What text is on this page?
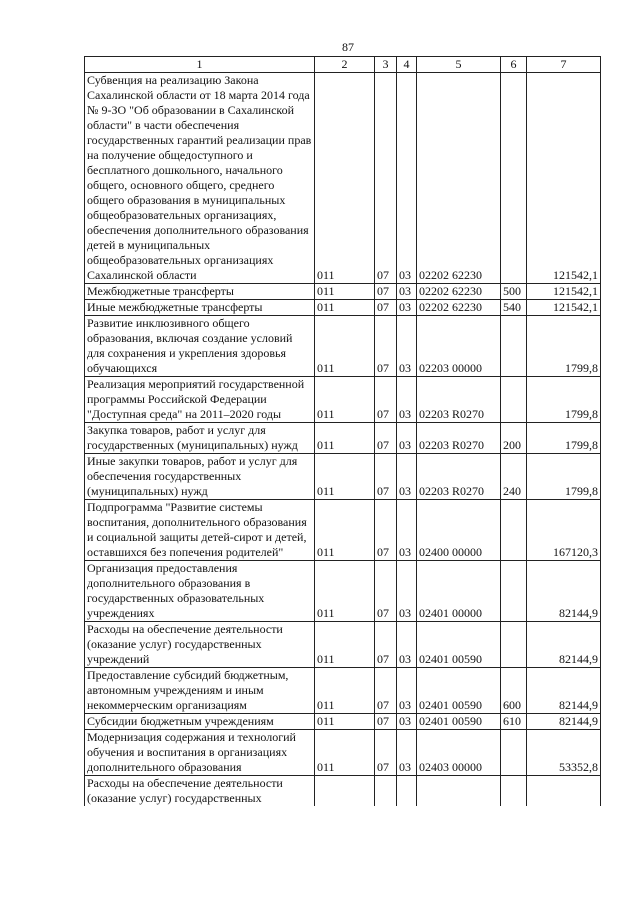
87
1	2	3	4	5	6	7
Субвенция на реализацию Закона Сахалинской области от 18 марта 2014 года № 9-ЗО "Об образовании в Сахалинской области" в части обеспечения государственных гарантий реализации прав на получение общедоступного и бесплатного дошкольного, начального общего, основного общего, среднего общего образования в муниципальных общеобразовательных организациях, обеспечения дополнительного образования детей в муниципальных общеобразовательных организациях Сахалинской области	011	07	03	02202 62230		121542,1
Межбюджетные трансферты	011	07	03	02202 62230	500	121542,1
Иные межбюджетные трансферты	011	07	03	02202 62230	540	121542,1
Развитие инклюзивного общего образования, включая создание условий для сохранения и укрепления здоровья обучающихся	011	07	03	02203 00000		1799,8
Реализация мероприятий государственной программы Российской Федерации "Доступная среда" на 2011–2020 годы	011	07	03	02203 R0270		1799,8
Закупка товаров, работ и услуг для государственных (муниципальных) нужд	011	07	03	02203 R0270	200	1799,8
Иные закупки товаров, работ и услуг для обеспечения государственных (муниципальных) нужд	011	07	03	02203 R0270	240	1799,8
Подпрограмма "Развитие системы воспитания, дополнительного образования и социальной защиты детей-сирот и детей, оставшихся без попечения родителей"	011	07	03	02400 00000		167120,3
Организация предоставления дополнительного образования в государственных образовательных учреждениях	011	07	03	02401 00000		82144,9
Расходы на обеспечение деятельности (оказание услуг) государственных учреждений	011	07	03	02401 00590		82144,9
Предоставление субсидий бюджетным, автономным учреждениям и иным некоммерческим организациям	011	07	03	02401 00590	600	82144,9
Субсидии бюджетным учреждениям	011	07	03	02401 00590	610	82144,9
Модернизация содержания и технологий обучения и воспитания в организациях дополнительного образования	011	07	03	02403 00000		53352,8
Расходы на обеспечение деятельности (оказание услуг) государственных						
